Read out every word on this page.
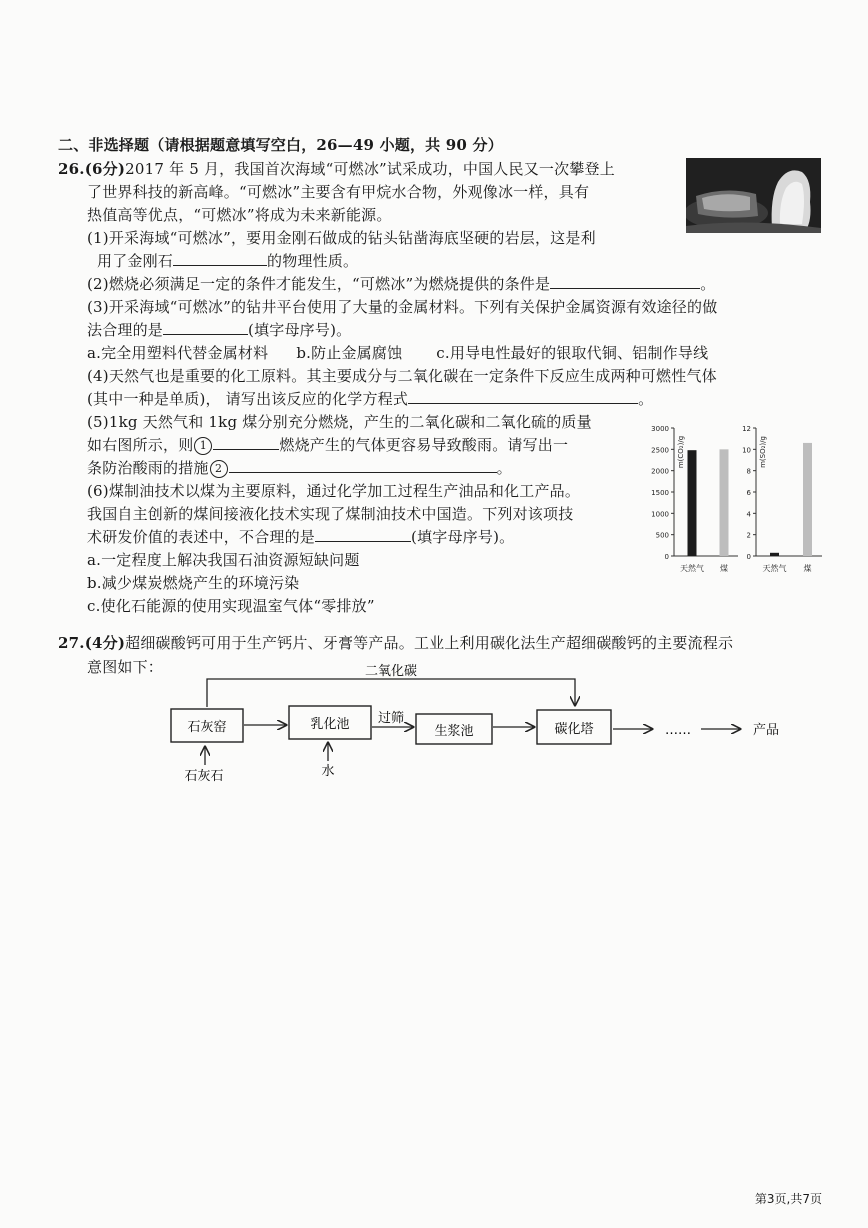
二、非选择题（请根据题意填写空白，26—49 小题，共 90 分）
26.(6分)2017 年 5 月，我国首次海域“可燃冰”试采成功，中国人民又一次攀登上
了世界科技的新高峰。“可燃冰”主要含有甲烷水合物，外观像冰一样，具有
热值高等优点，“可燃冰”将成为未来新能源。
(1)开采海域“可燃冰”，要用金刚石做成的钻头钻凿海底坚硬的岩层，这是利
用了金刚石	的物理性质。
(2)燃烧必须满足一定的条件才能发生，“可燃冰”为燃烧提供的条件是	。
(3)开采海域“可燃冰”的钻井平台使用了大量的金属材料。下列有关保护金属资源有效途径的做
法合理的是	(填字母序号)。
a.完全用塑料代替金属材料 b.防止金属腐蚀 c.用导电性最好的银取代铜、铝制作导线
(4)天然气也是重要的化工原料。其主要成分与二氧化碳在一定条件下反应生成两种可燃性气体
(其中一种是单质)， 请写出该反应的化学方程式	。
(5)1kg 天然气和 1kg 煤分别充分燃烧，产生的二氧化碳和二氧化硫的质量
如右图所示，则 1	燃烧产生的气体更容易导致酸雨。请写出一
条防治酸雨的措施 2	。
(6)煤制油技术以煤为主要原料，通过化学加工过程生产油品和化工产品。
我国自主创新的煤间接液化技术实现了煤制油技术中国造。下列对该项技
术研发价值的表述中，不合理的是	(填字母序号)。
a.一定程度上解决我国石油资源短缺问题
b.减少煤炭燃烧产生的环境污染
c.使化石能源的使用实现温室气体“零排放”
0
500
1000
1500
2000
2500
3000
m(CO₂)/g
天然气 煤
0
2
4
6
8
10
12
m(SO₂)/g
天然气 煤
27.(4分)超细碳酸钙可用于生产钙片、牙膏等产品。工业上利用碳化法生产超细碳酸钙的主要流程示
意图如下：	二氧化碳
石灰窑	乳化池 过筛
生浆池	碳化塔	……	产品
石灰石	水
第3页,共7页
